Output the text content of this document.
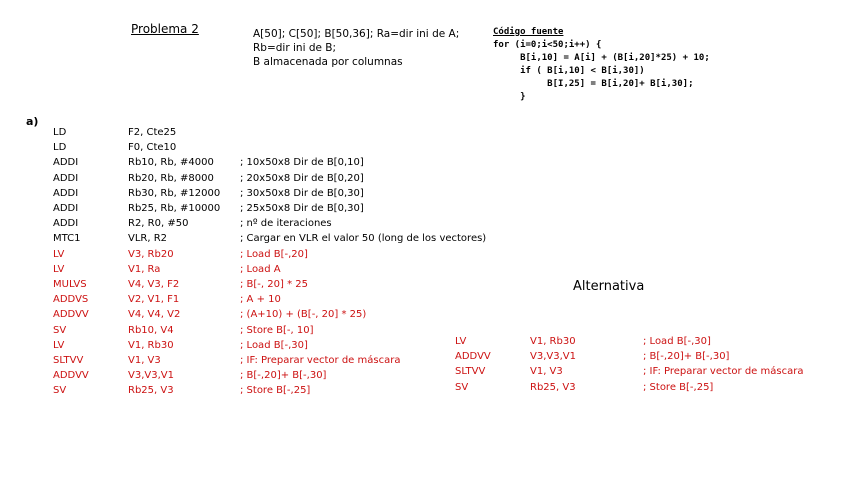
Problema 2	A[50]; C[50]; B[50,36]; Ra=dir ini de A;
Rb=dir ini de B;
B almacenada por columnas
Código fuente
for (i=0;i<50;i++) {
B[i,10] = A[i] + (B[i,20]*25) + 10;
if ( B[i,10] < B[i,30])
B[I,25] = B[i,20]+ B[i,30];
}
a)
LD	F2, Cte25
LD	F0, Cte10
ADDI	Rb10, Rb, #4000	; 10x50x8 Dir de B[0,10]
ADDI	Rb20, Rb, #8000	; 20x50x8 Dir de B[0,20]
ADDI	Rb30, Rb, #12000 ; 30x50x8 Dir de B[0,30]
ADDI	Rb25, Rb, #10000 ; 25x50x8 Dir de B[0,30]
ADDI	R2, R0, #50	; nº de iteraciones
MTC1	VLR, R2	; Cargar en VLR el valor 50 (long de los vectores)
LV	V3, Rb20	; Load B[-,20]
LV	V1, Ra	; Load A
MULVS	V4, V3, F2	; B[-, 20] * 25
ADDVS	V2, V1, F1	; A + 10
ADDVV	V4, V4, V2	; (A+10) + (B[-, 20] * 25)
SV	Rb10, V4	; Store B[-, 10]
LV	V1, Rb30	; Load B[-,30]
SLTVV	V1, V3	; IF: Preparar vector de máscara
ADDVV	V3,V3,V1	; B[-,20]+ B[-,30]
SV	Rb25, V3	; Store B[-,25]
Alternativa
LV	V1, Rb30	; Load B[-,30]
ADDVV	V3,V3,V1	; B[-,20]+ B[-,30]
SLTVV	V1, V3	; IF: Preparar vector de máscara
SV	Rb25, V3	; Store B[-,25]
